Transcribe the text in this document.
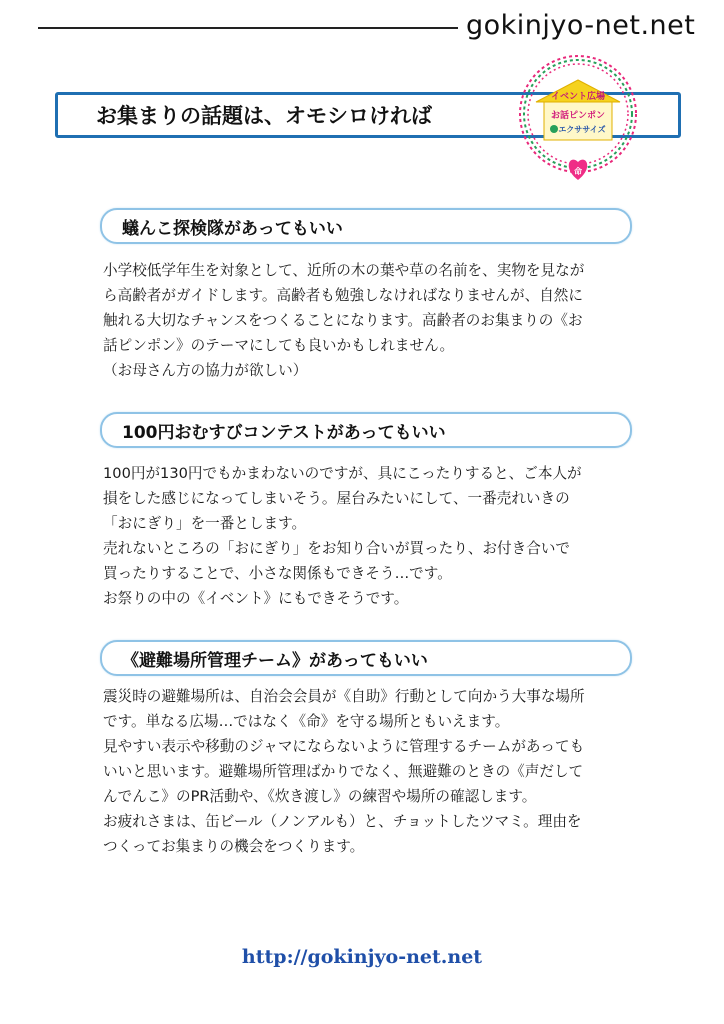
gokinjyo-net.net
お集まりの話題は、オモシロければ
イベント広場
お話ピンポン
エクササイズ
命
蟻んこ探検隊があってもいい

小学校低学年生を対象として、近所の木の葉や草の名前を、実物を見なが

ら高齢者がガイドします。高齢者も勉強しなければなりませんが、自然に

触れる大切なチャンスをつくることになります。高齢者のお集まりの《お

話ピンポン》のテーマにしても良いかもしれません。

（お母さん方の協力が欲しい）

100円おむすびコンテストがあってもいい

100円が130円でもかまわないのですが、具にこったりすると、ご本人が

損をした感じになってしまいそう。屋台みたいにして、一番売れいきの

「おにぎり」を一番とします。

売れないところの「おにぎり」をお知り合いが買ったり、お付き合いで

買ったりすることで、小さな関係もできそう…です。

お祭りの中の《イベント》にもできそうです。

《避難場所管理チーム》があってもいい

震災時の避難場所は、自治会会員が《自助》行動として向かう大事な場所

です。単なる広場…ではなく《命》を守る場所ともいえます。

見やすい表示や移動のジャマにならないように管理するチームがあっても

いいと思います。避難場所管理ばかりでなく、無避難のときの《声だして

んでんこ》のPR活動や、《炊き渡し》の練習や場所の確認します。

お疲れさまは、缶ビール（ノンアルも）と、チョットしたツマミ。理由を

つくってお集まりの機会をつくります。

http://gokinjyo-net.net
